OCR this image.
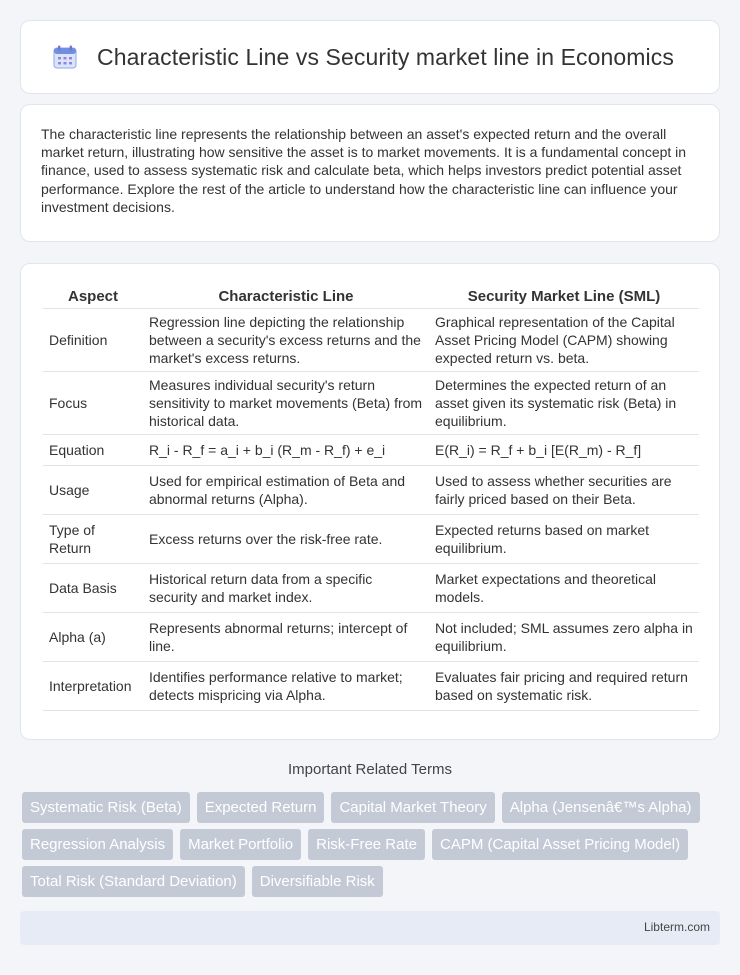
Characteristic Line vs Security market line in Economics

The characteristic line represents the relationship between an asset's expected return and the overall market return, illustrating how sensitive the asset is to market movements. It is a fundamental concept in finance, used to assess systematic risk and calculate beta, which helps investors predict potential asset performance. Explore the rest of the article to understand how the characteristic line can influence your investment decisions.

Aspect	Characteristic Line	Security Market Line (SML)
Definition	Regression line depicting the relationship between a security's excess returns and the market's excess returns.	Graphical representation of the Capital Asset Pricing Model (CAPM) showing expected return vs. beta.
Focus	Measures individual security's return sensitivity to market movements (Beta) from historical data.	Determines the expected return of an asset given its systematic risk (Beta) in equilibrium.
Equation	R_i - R_f = a_i + b_i (R_m - R_f) + e_i	E(R_i) = R_f + b_i [E(R_m) - R_f]
Usage	Used for empirical estimation of Beta and abnormal returns (Alpha).	Used to assess whether securities are fairly priced based on their Beta.
Type of Return	Excess returns over the risk-free rate.	Expected returns based on market equilibrium.
Data Basis	Historical return data from a specific security and market index.	Market expectations and theoretical models.
Alpha (a)	Represents abnormal returns; intercept of line.	Not included; SML assumes zero alpha in equilibrium.
Interpretation	Identifies performance relative to market; detects mispricing via Alpha.	Evaluates fair pricing and required return based on systematic risk.
Important Related Terms
Systematic Risk (Beta)	Expected Return	Capital Market Theory	Alpha (Jensenâ€™s Alpha)
Regression Analysis	Market Portfolio	Risk-Free Rate	CAPM (Capital Asset Pricing Model)
Total Risk (Standard Deviation)	Diversifiable Risk
Libterm.com
